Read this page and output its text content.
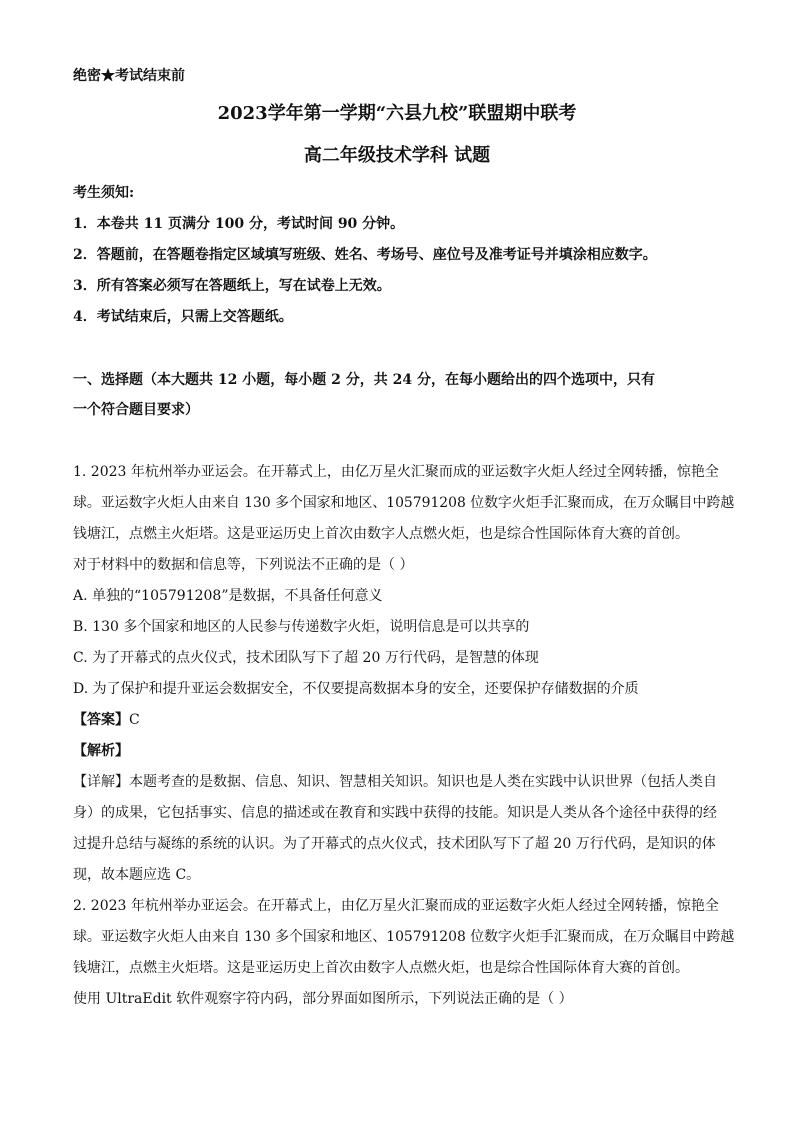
绝密★考试结束前
2023学年第一学期“六县九校”联盟期中联考
高二年级技术学科 试题
考生须知:
1．本卷共 11 页满分 100 分，考试时间 90 分钟。
2．答题前，在答题卷指定区域填写班级、姓名、考场号、座位号及准考证号并填涂相应数字。
3．所有答案必须写在答题纸上，写在试卷上无效。
4．考试结束后，只需上交答题纸。
一、选择题（本大题共 12 小题，每小题 2 分，共 24 分，在每小题给出的四个选项中，只有
一个符合题目要求）
1. 2023 年杭州举办亚运会。在开幕式上，由亿万星火汇聚而成的亚运数字火炬人经过全网转播，惊艳全
球。亚运数字火炬人由来自 130 多个国家和地区、105791208 位数字火炬手汇聚而成，在万众瞩目中跨越
钱塘江，点燃主火炬塔。这是亚运历史上首次由数字人点燃火炬，也是综合性国际体育大赛的首创。
对于材料中的数据和信息等，下列说法不正确的是（ ）
A. 单独的“105791208”是数据，不具备任何意义
B. 130 多个国家和地区的人民参与传递数字火炬，说明信息是可以共享的
C. 为了开幕式的点火仪式，技术团队写下了超 20 万行代码，是智慧的体现
D. 为了保护和提升亚运会数据安全，不仅要提高数据本身的安全，还要保护存储数据的介质
【答案】C
【解析】
【详解】本题考查的是数据、信息、知识、智慧相关知识。知识也是人类在实践中认识世界（包括人类自
身）的成果，它包括事实、信息的描述或在教育和实践中获得的技能。知识是人类从各个途径中获得的经
过提升总结与凝练的系统的认识。为了开幕式的点火仪式，技术团队写下了超 20 万行代码，是知识的体
现，故本题应选 C。
2. 2023 年杭州举办亚运会。在开幕式上，由亿万星火汇聚而成的亚运数字火炬人经过全网转播，惊艳全
球。亚运数字火炬人由来自 130 多个国家和地区、105791208 位数字火炬手汇聚而成，在万众瞩目中跨越
钱塘江，点燃主火炬塔。这是亚运历史上首次由数字人点燃火炬，也是综合性国际体育大赛的首创。
使用 UltraEdit 软件观察字符内码，部分界面如图所示，下列说法正确的是（ ）
